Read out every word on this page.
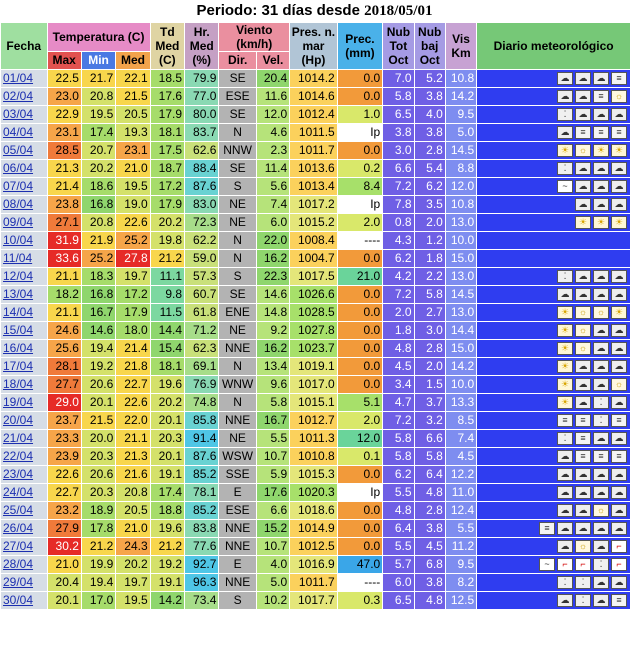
Periodo: 31 días desde 2018/05/01
Fecha	Temperatura (C)			Td Med (C)	Hr. Med (%)	Viento (km/h)		Pres. n. mar (Hp)	Prec. (mm)	Nub Tot Oct	Nub baj Oct	Vis Km	Diario meteorológico
	Max	Min	Med			Dir.	Vel.						
01/04	22.5	21.7	22.1	18.5	79.9	SE	20.4	1014.2	0.0	7.0	5.2	10.8	☁ ☁ ☁ ≡
02/04	23.0	20.8	21.5	17.6	77.0	ESE	11.6	1014.6	0.0	5.8	3.8	14.2	☁ ☁ ≡ ☼
03/04	22.9	19.5	20.5	17.9	80.0	SE	12.0	1012.4	1.0	6.5	4.0	9.5	⁚ ☁ ☁ ☁
04/04	23.1	17.4	19.3	18.1	83.7	N	4.6	1011.5	Ip	3.8	3.8	5.0	☁ ≡ ≡ ≡
05/04	28.5	20.7	23.1	17.5	62.6	NNW	2.3	1011.7	0.0	3.0	2.8	14.5	☀ ☼ ☀ ☀
06/04	21.3	20.2	21.0	18.7	88.4	SE	11.4	1013.6	0.2	6.6	5.4	8.8	⁚ ☁ ☁ ☁
07/04	21.4	18.6	19.5	17.2	87.6	S	5.6	1013.4	8.4	7.2	6.2	12.0	~ ☁ ☁ ☁
08/04	23.8	16.8	19.0	17.9	83.0	NE	7.4	1017.2	Ip	7.8	3.5	10.8	☁ ☁ ☁
09/04	27.1	20.8	22.6	20.2	72.3	NE	6.0	1015.2	2.0	0.8	2.0	13.0	☀ ☀ ☀
10/04	31.9	21.9	25.2	19.8	62.2	N	22.0	1008.4	----	4.3	1.2	10.0	
11/04	33.6	25.2	27.8	21.2	59.0	N	16.2	1004.7	0.0	6.2	1.8	15.0	
12/04	21.1	18.3	19.7	11.1	57.3	S	22.3	1017.5	21.0	4.2	2.2	13.0	⁚ ☁ ☁ ☁
13/04	18.2	16.8	17.2	9.8	60.7	SE	14.6	1026.6	0.0	7.2	5.8	14.5	☁ ☁ ☁ ☁
14/04	21.1	16.7	17.9	11.5	61.8	ENE	14.8	1028.5	0.0	2.0	2.7	13.0	☀ ☼ ☼ ☀
15/04	24.6	14.6	18.0	14.4	71.2	NE	9.2	1027.8	0.0	1.8	3.0	14.4	☀ ☼ ☁ ☁
16/04	25.6	19.4	21.4	15.4	62.3	NNE	16.2	1023.7	0.0	4.8	2.8	15.0	☀ ☼ ☁ ☁
17/04	28.1	19.2	21.8	18.1	69.1	N	13.4	1019.1	0.0	4.5	2.0	14.2	☀ ☁ ☁ ☁
18/04	27.7	20.6	22.7	19.6	76.9	WNW	9.6	1017.0	0.0	3.4	1.5	10.0	☀ ☁ ☁ ☼
19/04	29.0	20.1	22.6	20.2	74.8	N	5.8	1015.1	5.1	4.7	3.7	13.3	☀ ☁ ⁚ ☁
20/04	23.7	21.5	22.0	20.1	85.8	NNE	16.7	1012.7	2.0	7.2	3.2	8.5	≡ ≡ ⁚ ≡
21/04	23.3	20.0	21.1	20.3	91.4	NE	5.5	1011.3	12.0	5.8	6.6	7.4	⁚ ≡ ☁ ☁
22/04	23.9	20.3	21.3	20.1	87.6	WSW	10.7	1010.8	0.1	5.8	5.8	4.5	☁ ≡ ≡ ≡
23/04	22.6	20.6	21.6	19.1	85.2	SSE	5.9	1015.3	0.0	6.2	6.4	12.2	☁ ☁ ☁ ☁
24/04	22.7	20.3	20.8	17.4	78.1	E	17.6	1020.3	Ip	5.5	4.8	11.0	☁ ☁ ☁ ☁
25/04	23.2	18.9	20.5	18.8	85.2	ESE	6.6	1018.6	0.0	4.8	2.8	12.4	☁ ☁ ☼ ☁
26/04	27.9	17.8	21.0	19.6	83.8	NNE	15.2	1014.9	0.0	6.4	3.8	5.5	≡ ☁ ☁ ☁ ☁
27/04	30.2	21.2	24.3	21.2	77.6	NNE	10.7	1012.5	0.0	5.5	4.5	11.2	☁ ☼ ☁ ⌐
28/04	21.0	19.9	20.2	19.2	92.7	E	4.0	1016.9	47.0	5.7	6.8	9.5	~ ⌐ ⌐ ⁚ ⌐
29/04	20.4	19.4	19.7	19.1	96.3	NNE	5.0	1011.7	----	6.0	3.8	8.2	⁚ ⁚ ☁ ☁
30/04	20.1	17.0	19.5	14.2	73.4	S	10.2	1017.7	0.3	6.5	4.8	12.5	☁ ⁚ ☁ ≡
